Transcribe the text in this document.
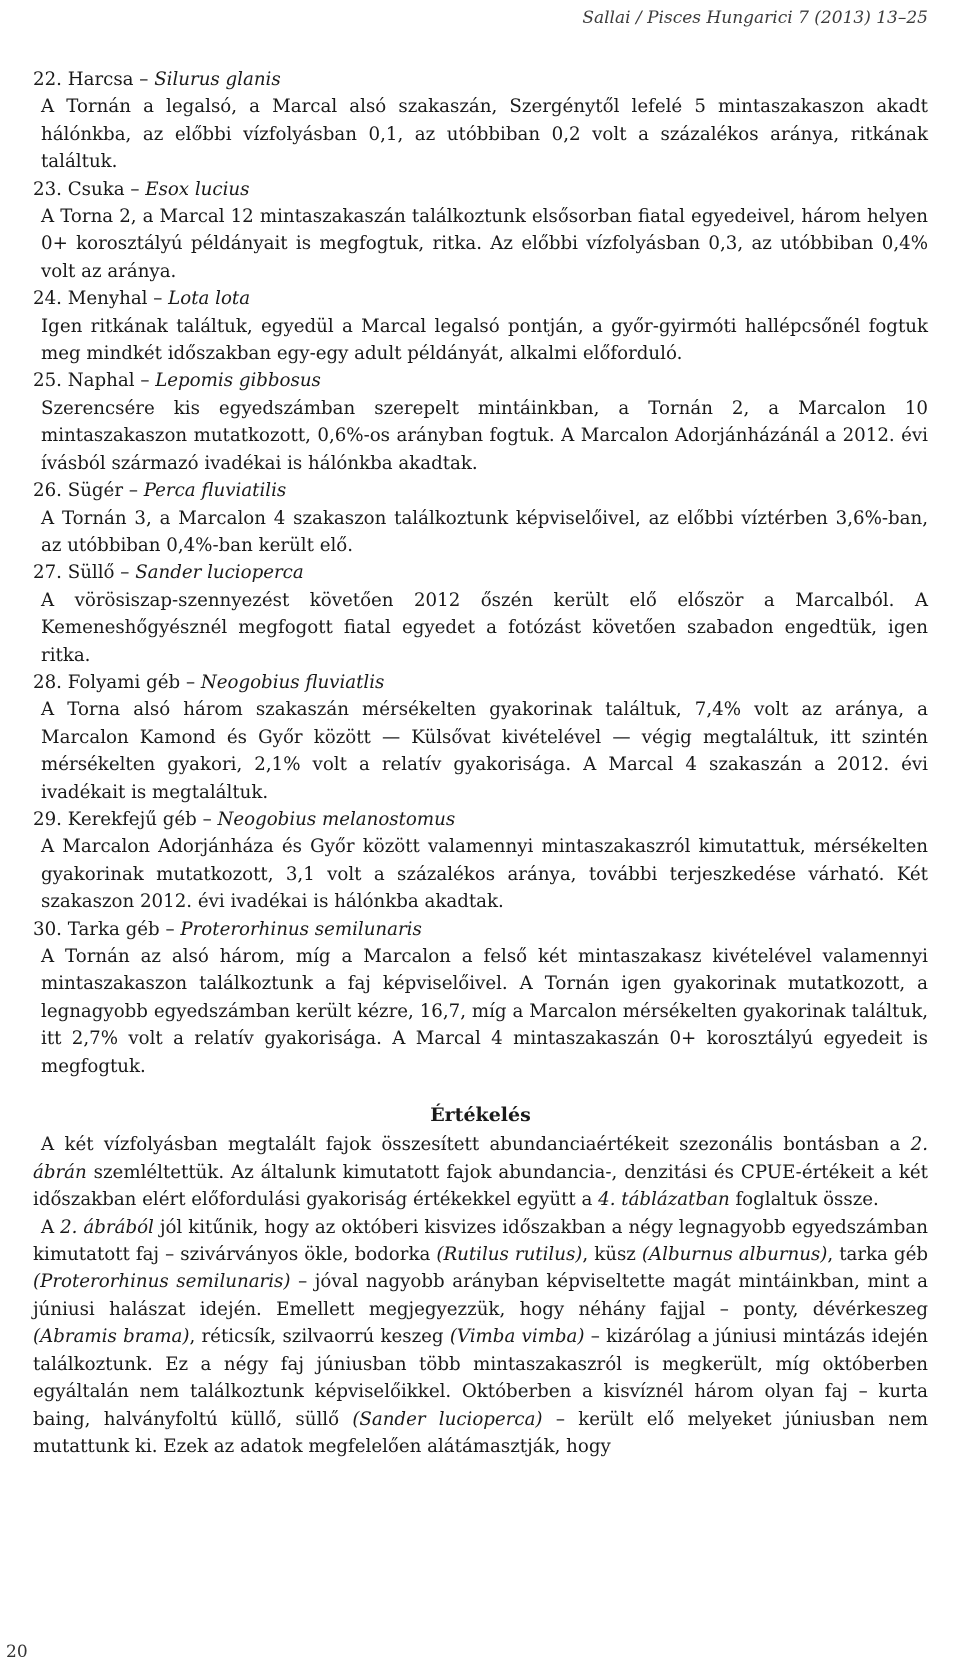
Sallai / Pisces Hungarici 7 (2013) 13–25

22. Harcsa – Silurus glanis

A Tornán a legalsó, a Marcal alsó szakaszán, Szergénytől lefelé 5 mintaszakaszon akadt hálónkba, az előbbi vízfolyásban 0,1, az utóbbiban 0,2 volt a százalékos aránya, ritkának találtuk.

23. Csuka – Esox lucius

A Torna 2, a Marcal 12 mintaszakaszán találkoztunk elsősorban fiatal egyedeivel, három helyen 0+ korosztályú példányait is megfogtuk, ritka. Az előbbi vízfolyásban 0,3, az utóbbiban 0,4% volt az aránya.

24. Menyhal – Lota lota

Igen ritkának találtuk, egyedül a Marcal legalsó pontján, a győr-gyirmóti hallépcsőnél fogtuk meg mindkét időszakban egy-egy adult példányát, alkalmi előforduló.

25. Naphal – Lepomis gibbosus

Szerencsére kis egyedszámban szerepelt mintáinkban, a Tornán 2, a Marcalon 10 mintaszakaszon mutatkozott, 0,6%-os arányban fogtuk. A Marcalon Adorjánházánál a 2012. évi ívásból származó ivadékai is hálónkba akadtak.

26. Sügér – Perca fluviatilis

A Tornán 3, a Marcalon 4 szakaszon találkoztunk képviselőivel, az előbbi víztérben 3,6%-ban, az utóbbiban 0,4%-ban került elő.

27. Süllő – Sander lucioperca

A vörösiszap-szennyezést követően 2012 őszén került elő először a Marcalból. A Kemeneshőgyésznél megfogott fiatal egyedet a fotózást követően szabadon engedtük, igen ritka.

28. Folyami géb – Neogobius fluviatlis

A Torna alsó három szakaszán mérsékelten gyakorinak találtuk, 7,4% volt az aránya, a Marcalon Kamond és Győr között — Külsővat kivételével — végig megtaláltuk, itt szintén mérsékelten gyakori, 2,1% volt a relatív gyakorisága. A Marcal 4 szakaszán a 2012. évi ivadékait is megtaláltuk.

29. Kerekfejű géb – Neogobius melanostomus

A Marcalon Adorjánháza és Győr között valamennyi mintaszakaszról kimutattuk, mérsékelten gyakorinak mutatkozott, 3,1 volt a százalékos aránya, további terjeszkedése várható. Két szakaszon 2012. évi ivadékai is hálónkba akadtak.

30. Tarka géb – Proterorhinus semilunaris

A Tornán az alsó három, míg a Marcalon a felső két mintaszakasz kivételével valamennyi mintaszakaszon találkoztunk a faj képviselőivel. A Tornán igen gyakorinak mutatkozott, a legnagyobb egyedszámban került kézre, 16,7, míg a Marcalon mérsékelten gyakorinak találtuk, itt 2,7% volt a relatív gyakorisága. A Marcal 4 mintaszakaszán 0+ korosztályú egyedeit is megfogtuk.

Értékelés

A két vízfolyásban megtalált fajok összesített abundanciaértékeit szezonális bontásban a 2. ábrán szemléltettük. Az általunk kimutatott fajok abundancia-, denzitási és CPUE-értékeit a két időszakban elért előfordulási gyakoriság értékekkel együtt a 4. táblázatban foglaltuk össze.

A 2. ábrából jól kitűnik, hogy az októberi kisvizes időszakban a négy legnagyobb egyedszámban kimutatott faj – szivárványos ökle, bodorka (Rutilus rutilus), küsz (Alburnus alburnus), tarka géb (Proterorhinus semilunaris) – jóval nagyobb arányban képviseltette magát mintáinkban, mint a júniusi halászat idején. Emellett megjegyezzük, hogy néhány fajjal – ponty, dévérkeszeg (Abramis brama), réticsík, szilvaorrú keszeg (Vimba vimba) – kizárólag a júniusi mintázás idején találkoztunk. Ez a négy faj júniusban több mintaszakaszról is megkerült, míg októberben egyáltalán nem találkoztunk képviselőikkel. Októberben a kisvíznél három olyan faj – kurta baing, halványfoltú küllő, süllő (Sander lucioperca) – került elő melyeket júniusban nem mutattunk ki. Ezek az adatok megfelelően alátámasztják, hogy

20
